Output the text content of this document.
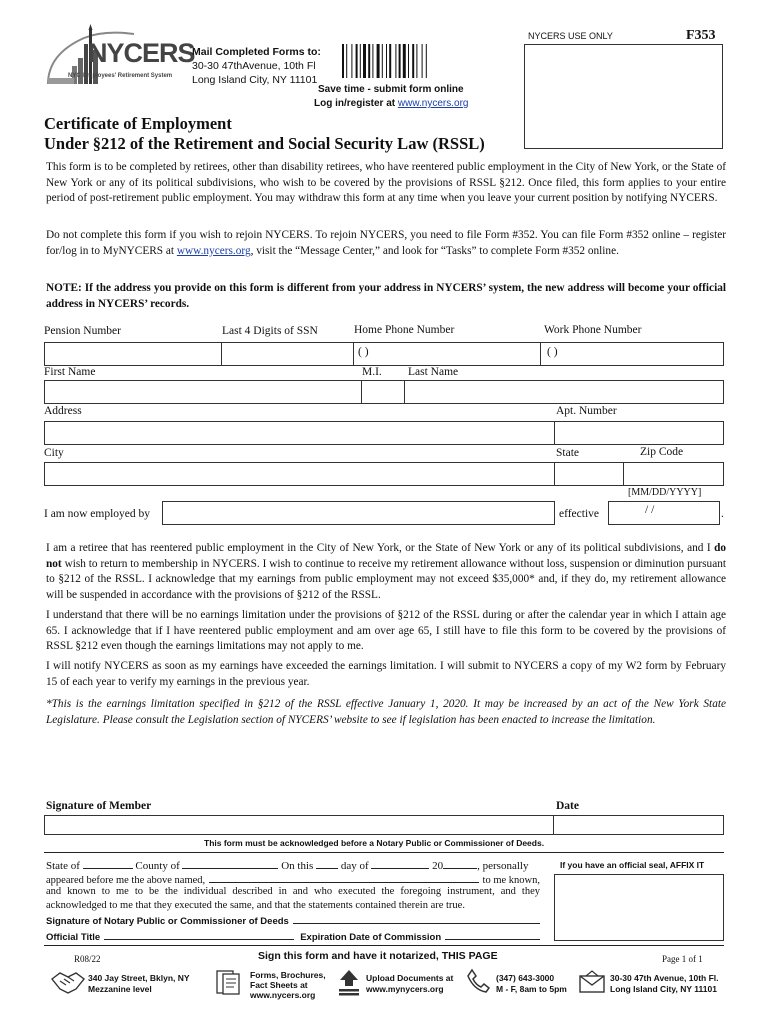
NYCERS USE ONLY	F353
NYCERS
NYC Employees' Retirement System
Mail Completed Forms to:
30-30 47thAvenue, 10th Fl
Long Island City, NY 11101
Save time - submit form online
Log in/register at www.nycers.org
Certificate of Employment
Under §212 of the Retirement and Social Security Law (RSSL)

This form is to be completed by retirees, other than disability retirees, who have reentered public employment in the City of New York, or the State of New York or any of its political subdivisions, who wish to be covered by the provisions of RSSL §212. Once filed, this form applies to your entire period of post-retirement public employment. You may withdraw this form at any time when you leave your current position by notifying NYCERS.

Do not complete this form if you wish to rejoin NYCERS. To rejoin NYCERS, you need to file Form #352. You can file Form #352 online – register for/log in to MyNYCERS at www.nycers.org, visit the “Message Center,” and look for “Tasks” to complete Form #352 online.

NOTE: If the address you provide on this form is different from your address in NYCERS’ system, the new address will become your official address in NYCERS’ records.

Pension Number	Last 4 Digits of SSN	Home Phone Number	Work Phone Number
( )	( )
First Name	M.I. Last Name
Address	Apt. Number
City	State	Zip Code
[MM/DD/YYYY]
I am now employed by	effective	/ /	.

I am a retiree that has reentered public employment in the City of New York, or the State of New York or any of its political subdivisions, and I do not wish to return to membership in NYCERS. I wish to continue to receive my retirement allowance without loss, suspension or diminution pursuant to §212 of the RSSL. I acknowledge that my earnings from public employment may not exceed $35,000* and, if they do, my retirement allowance will be suspended in accordance with the provisions of §212 of the RSSL.

I understand that there will be no earnings limitation under the provisions of §212 of the RSSL during or after the calendar year in which I attain age 65. I acknowledge that if I have reentered public employment and am over age 65, I still have to file this form to be covered by the provisions of RSSL §212 even though the earnings limitations may not apply to me.

I will notify NYCERS as soon as my earnings have exceeded the earnings limitation. I will submit to NYCERS a copy of my W2 form by February 15 of each year to verify my earnings in the previous year.

*This is the earnings limitation specified in §212 of the RSSL effective January 1, 2020. It may be increased by an act of the New York State Legislature. Please consult the Legislation section of NYCERS’ website to see if legislation has been enacted to increase the limitation.

Signature of Member	Date
This form must be acknowledged before a Notary Public or Commissioner of Deeds.
State of	County of	On this	day of	20	, personally
appeared before me the above named,	to me known,

and known to me to be the individual described in and who executed the foregoing instrument, and they acknowledged to me that they executed the same, and that the statements contained therein are true.

Signature of Notary Public or Commissioner of Deeds
Official Title	Expiration Date of Commission
If you have an official seal, AFFIX IT
R08/22	Sign this form and have it notarized, THIS PAGE	Page 1 of 1
340 Jay Street, Bklyn, NY
Mezzanine level
Forms, Brochures,
Fact Sheets at
www.nycers.org
Upload Documents at
www.mynycers.org
(347) 643-3000
M - F, 8am to 5pm
30-30 47th Avenue, 10th Fl.
Long Island City, NY 11101
